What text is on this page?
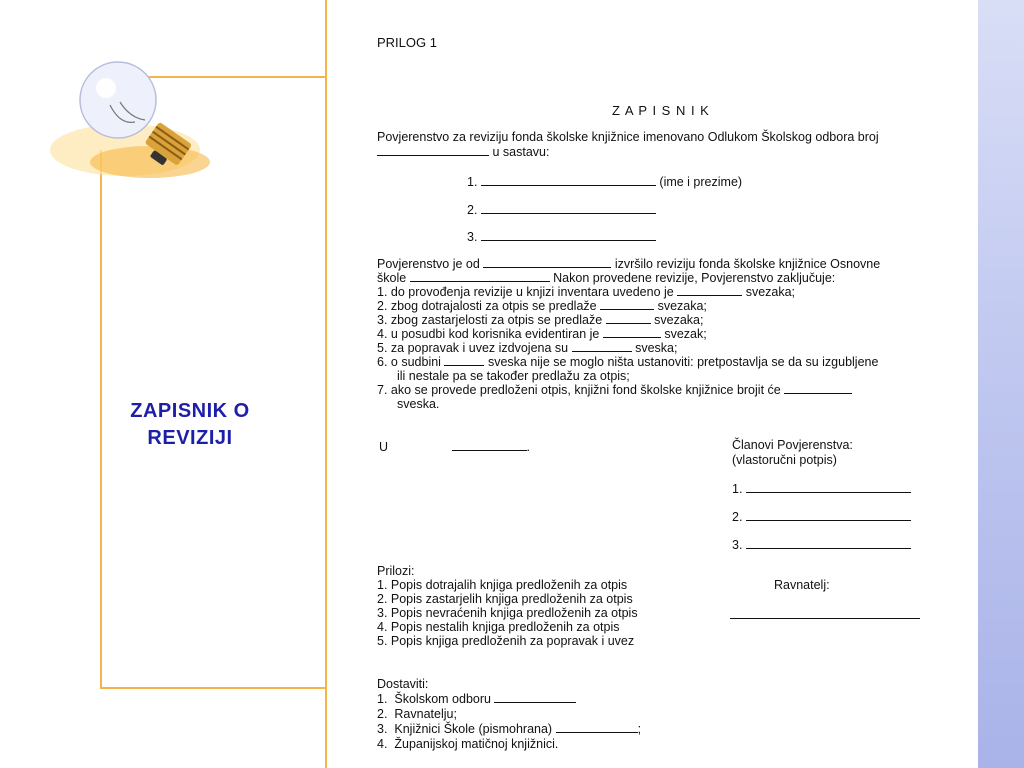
ZAPISNIK O REVIZIJI
PRILOG 1
Z A P I S N I K
Povjerenstvo za reviziju fonda školske knjižnice imenovano Odlukom Školskog odbora broj
u sastavu:
1.	(ime i prezime)
2.
3.
Povjerenstvo je od	izvršilo reviziju fonda školske knjižnice Osnovne
škole	Nakon provedene revizije, Povjerenstvo zaključuje:
1. do provođenja revizije u knjizi inventara uvedeno je	svezaka;
2. zbog dotrajalosti za otpis se predlaže	svezaka;
3. zbog zastarjelosti za otpis se predlaže	svezaka;
4. u posudbi kod korisnika evidentiran je	svezak;
5. za popravak i uvez izdvojena su	sveska;
6. o sudbini	sveska nije se moglo ništa ustanoviti: pretpostavlja se da su izgubljene
ili nestale pa se također predlažu za otpis;
7. ako se provede predloženi otpis, knjižni fond školske knjižnice brojit će
sveska.
U	.	Članovi Povjerenstva:
(vlastoručni potpis)
1.
2.
3.
Prilozi:
1. Popis dotrajalih knjiga predloženih za otpis
2. Popis zastarjelih knjiga predloženih za otpis
3. Popis nevraćenih knjiga predloženih za otpis
4. Popis nestalih knjiga predloženih za otpis
5. Popis knjiga predloženih za popravak i uvez
Ravnatelj:
Dostaviti:
1. Školskom odboru
2. Ravnatelju;
3. Knjižnici Škole (pismohrana)	;
4. Županijskoj matičnoj knjižnici.
